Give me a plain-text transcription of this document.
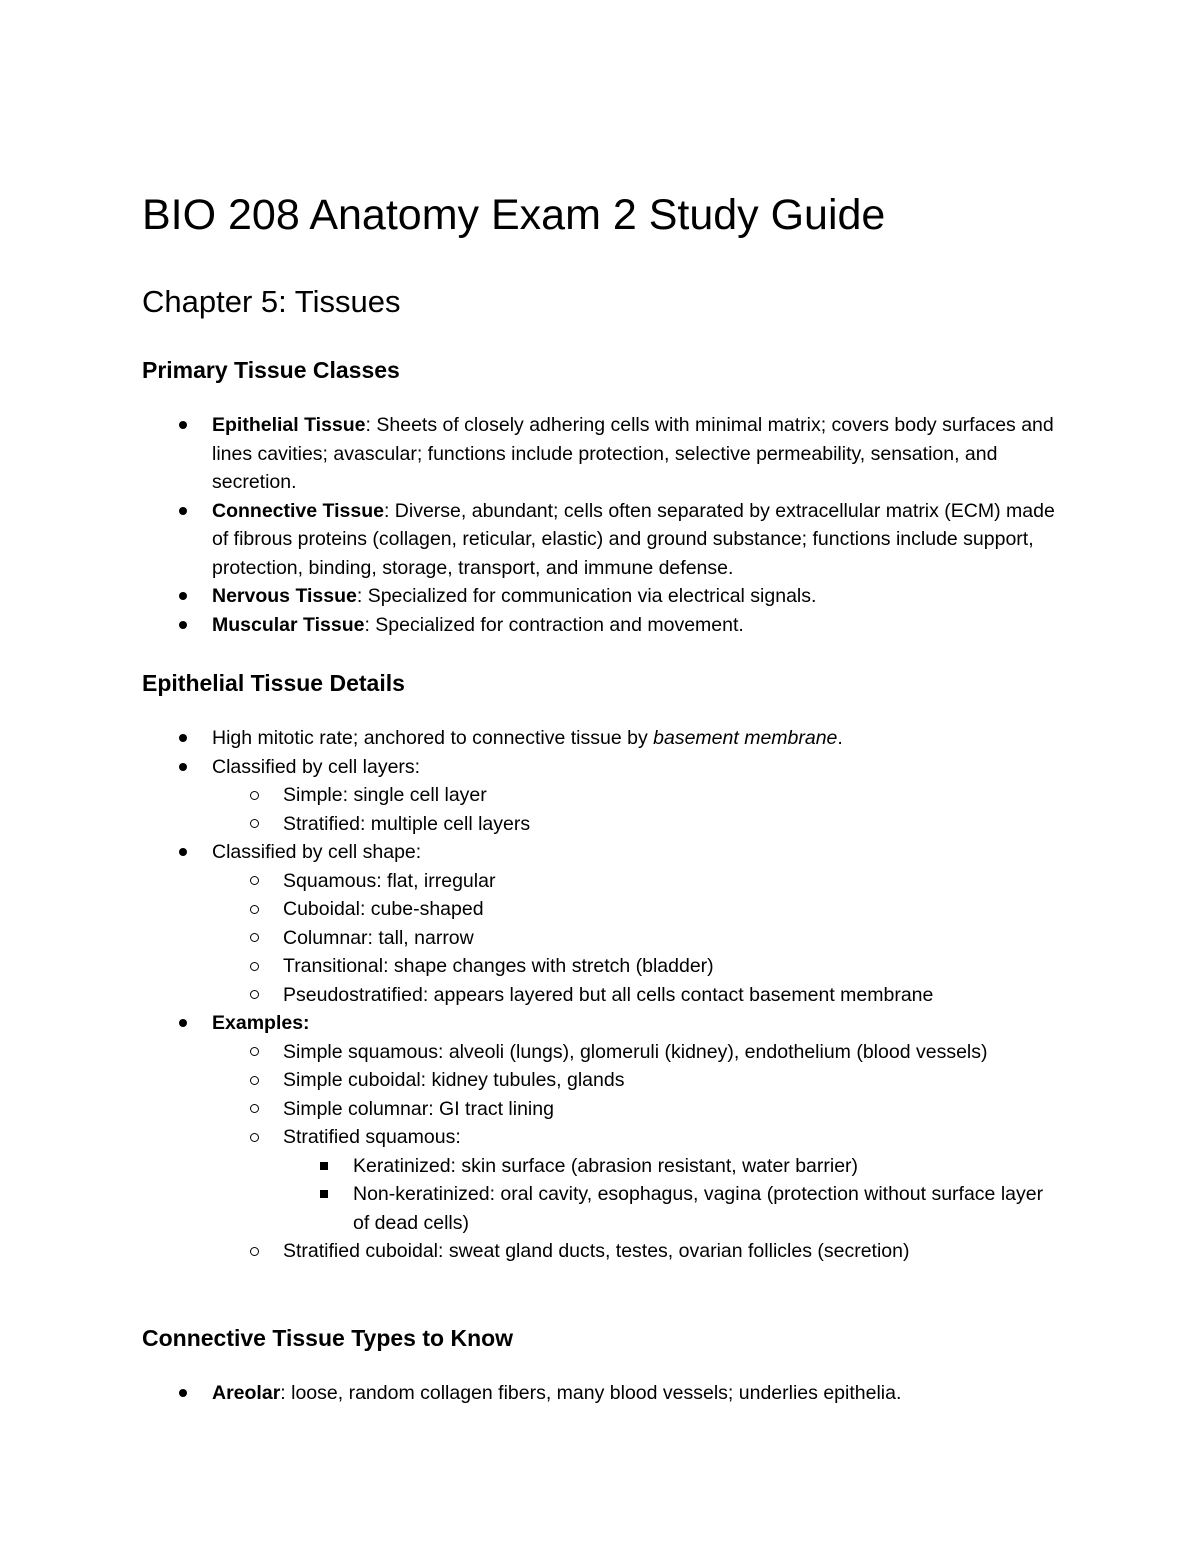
BIO 208 Anatomy Exam 2 Study Guide
Chapter 5: Tissues
Primary Tissue Classes
Epithelial Tissue: Sheets of closely adhering cells with minimal matrix; covers body surfaces and lines cavities; avascular; functions include protection, selective permeability, sensation, and secretion.
Connective Tissue: Diverse, abundant; cells often separated by extracellular matrix (ECM) made of fibrous proteins (collagen, reticular, elastic) and ground substance; functions include support, protection, binding, storage, transport, and immune defense.
Nervous Tissue: Specialized for communication via electrical signals.
Muscular Tissue: Specialized for contraction and movement.
Epithelial Tissue Details
High mitotic rate; anchored to connective tissue by basement membrane.
Classified by cell layers:
Simple: single cell layer
Stratified: multiple cell layers
Classified by cell shape:
Squamous: flat, irregular
Cuboidal: cube-shaped
Columnar: tall, narrow
Transitional: shape changes with stretch (bladder)
Pseudostratified: appears layered but all cells contact basement membrane
Examples:
Simple squamous: alveoli (lungs), glomeruli (kidney), endothelium (blood vessels)
Simple cuboidal: kidney tubules, glands
Simple columnar: GI tract lining
Stratified squamous:
Keratinized: skin surface (abrasion resistant, water barrier)
Non-keratinized: oral cavity, esophagus, vagina (protection without surface layer of dead cells)
Stratified cuboidal: sweat gland ducts, testes, ovarian follicles (secretion)
Connective Tissue Types to Know
Areolar: loose, random collagen fibers, many blood vessels; underlies epithelia.
